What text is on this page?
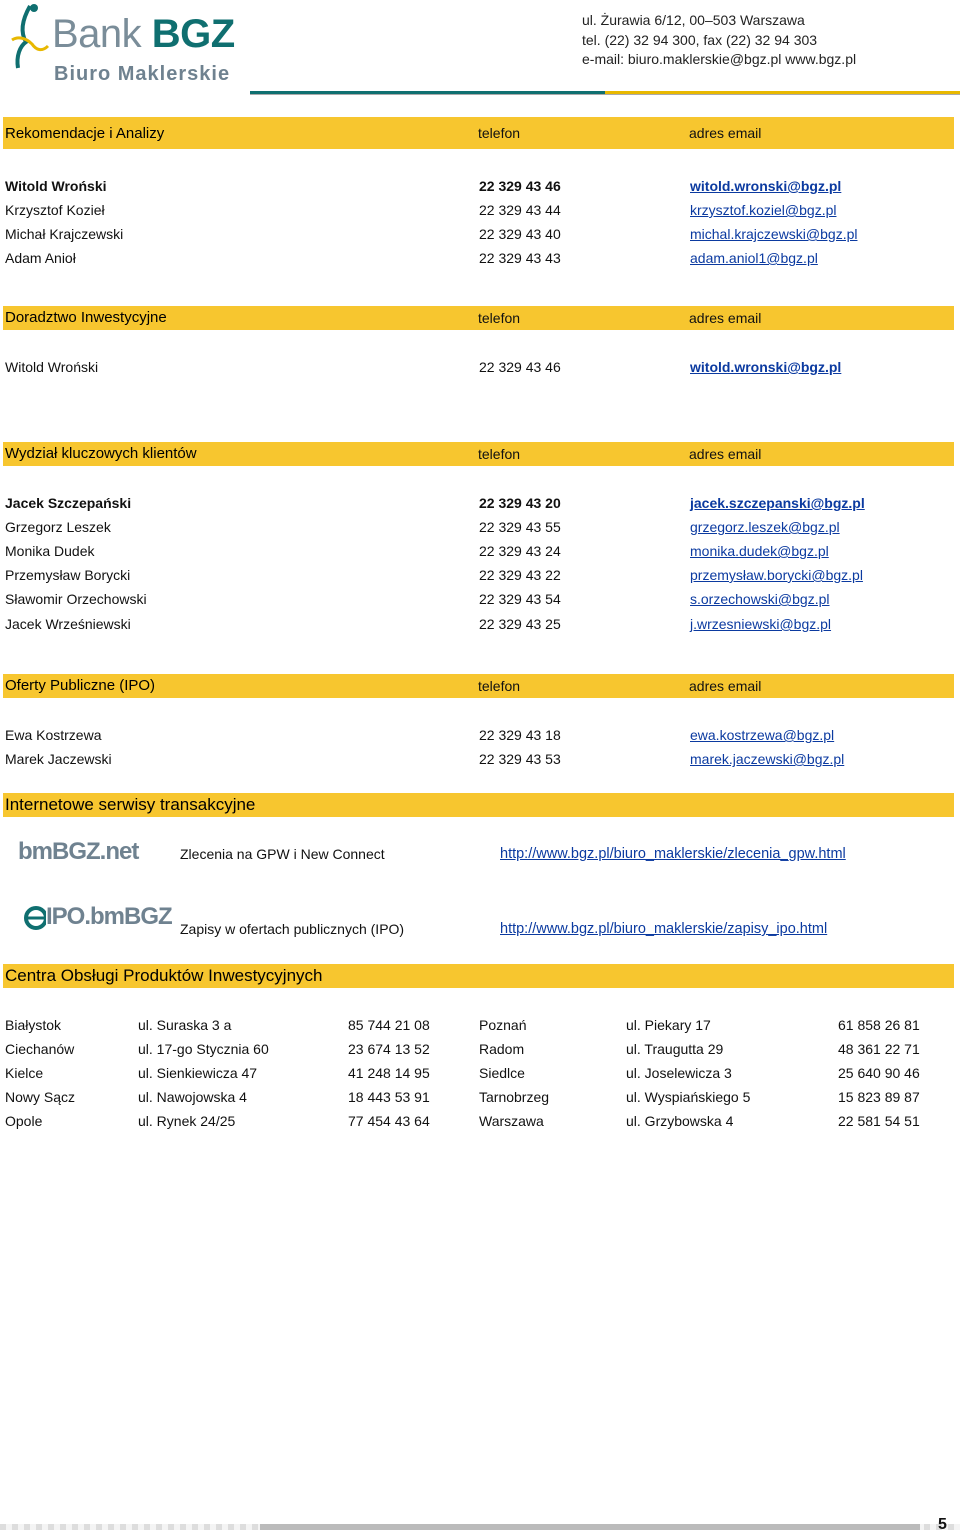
Bank BGZ
Biuro Maklerskie
ul. Żurawia 6/12, 00–503 Warszawa
tel. (22) 32 94 300, fax (22) 32 94 303
e-mail: biuro.maklerskie@bgz.pl www.bgz.pl
Rekomendacje i Analizy	telefon	adres email
Witold Wroński	22 329 43 46	witold.wronski@bgz.pl
Krzysztof Kozieł	22 329 43 44	krzysztof.koziel@bgz.pl
Michał Krajczewski	22 329 43 40	michal.krajczewski@bgz.pl
Adam Anioł	22 329 43 43	adam.aniol1@bgz.pl
Doradztwo Inwestycyjne	telefon	adres email
Witold Wroński	22 329 43 46	witold.wronski@bgz.pl
Wydział kluczowych klientów	telefon	adres email
Jacek Szczepański	22 329 43 20	jacek.szczepanski@bgz.pl
Grzegorz Leszek	22 329 43 55	grzegorz.leszek@bgz.pl
Monika Dudek	22 329 43 24	monika.dudek@bgz.pl
Przemysław Borycki	22 329 43 22	przemysław.borycki@bgz.pl
Sławomir Orzechowski	22 329 43 54	s.orzechowski@bgz.pl
Jacek Wrześniewski	22 329 43 25	j.wrzesniewski@bgz.pl
Oferty Publiczne (IPO)	telefon	adres email
Ewa Kostrzewa	22 329 43 18	ewa.kostrzewa@bgz.pl
Marek Jaczewski	22 329 43 53	marek.jaczewski@bgz.pl
Internetowe serwisy transakcyjne
bmBGZ.net	Zlecenia na GPW i New Connect	http://www.bgz.pl/biuro_maklerskie/zlecenia_gpw.html
IPO.bmBGZ Zapisy w ofertach publicznych (IPO)	http://www.bgz.pl/biuro_maklerskie/zapisy_ipo.html
Centra Obsługi Produktów Inwestycyjnych
Białystok	ul. Suraska 3 a	85 744 21 08	Poznań	ul. Piekary 17	61 858 26 81
Ciechanów	ul. 17-go Stycznia 60	23 674 13 52	Radom	ul. Traugutta 29	48 361 22 71
Kielce	ul. Sienkiewicza 47	41 248 14 95	Siedlce	ul. Joselewicza 3	25 640 90 46
Nowy Sącz	ul. Nawojowska 4	18 443 53 91	Tarnobrzeg	ul. Wyspiańskiego 5	15 823 89 87
Opole	ul. Rynek 24/25	77 454 43 64	Warszawa	ul. Grzybowska 4	22 581 54 51
5
